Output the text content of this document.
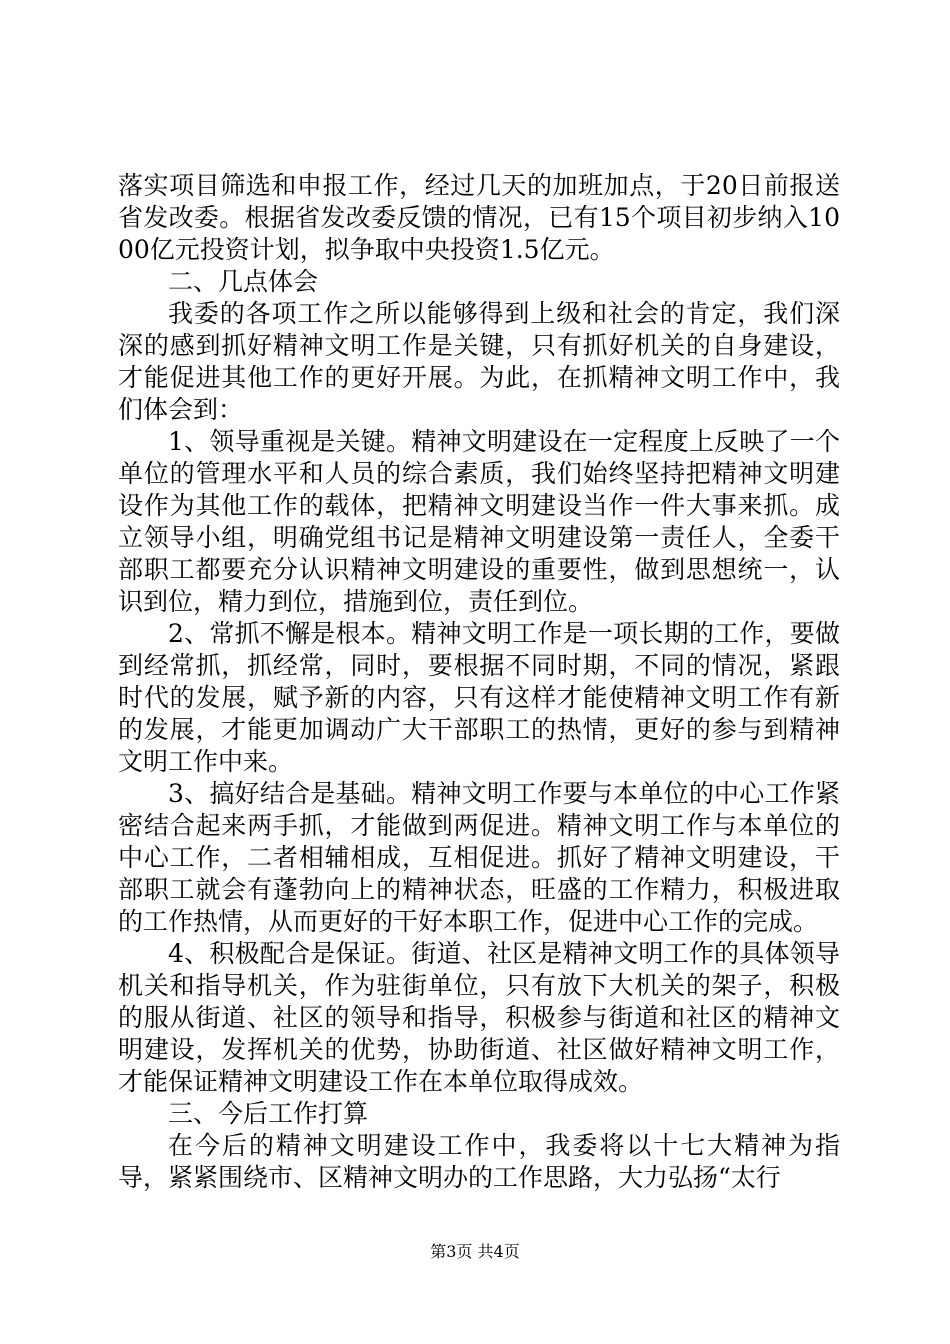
落实项目筛选和申报工作，经过几天的加班加点，于20日前报送省发改委。根据省发改委反馈的情况，已有15个项目初步纳入1000亿元投资计划，拟争取中央投资1.5亿元。

二、几点体会

我委的各项工作之所以能够得到上级和社会的肯定，我们深深的感到抓好精神文明工作是关键，只有抓好机关的自身建设，才能促进其他工作的更好开展。为此，在抓精神文明工作中，我们体会到：

1、领导重视是关键。精神文明建设在一定程度上反映了一个单位的管理水平和人员的综合素质，我们始终坚持把精神文明建设作为其他工作的载体，把精神文明建设当作一件大事来抓。成立领导小组，明确党组书记是精神文明建设第一责任人，全委干部职工都要充分认识精神文明建设的重要性，做到思想统一，认识到位，精力到位，措施到位，责任到位。

2、常抓不懈是根本。精神文明工作是一项长期的工作，要做到经常抓，抓经常，同时，要根据不同时期，不同的情况，紧跟时代的发展，赋予新的内容，只有这样才能使精神文明工作有新的发展，才能更加调动广大干部职工的热情，更好的参与到精神文明工作中来。

3、搞好结合是基础。精神文明工作要与本单位的中心工作紧密结合起来两手抓，才能做到两促进。精神文明工作与本单位的中心工作，二者相辅相成，互相促进。抓好了精神文明建设，干部职工就会有蓬勃向上的精神状态，旺盛的工作精力，积极进取的工作热情，从而更好的干好本职工作，促进中心工作的完成。

4、积极配合是保证。街道、社区是精神文明工作的具体领导机关和指导机关，作为驻街单位，只有放下大机关的架子，积极的服从街道、社区的领导和指导，积极参与街道和社区的精神文明建设，发挥机关的优势，协助街道、社区做好精神文明工作，才能保证精神文明建设工作在本单位取得成效。

三、今后工作打算

在今后的精神文明建设工作中，我委将以十七大精神为指导，紧紧围绕市、区精神文明办的工作思路，大力弘扬“太行

第3页 共4页
